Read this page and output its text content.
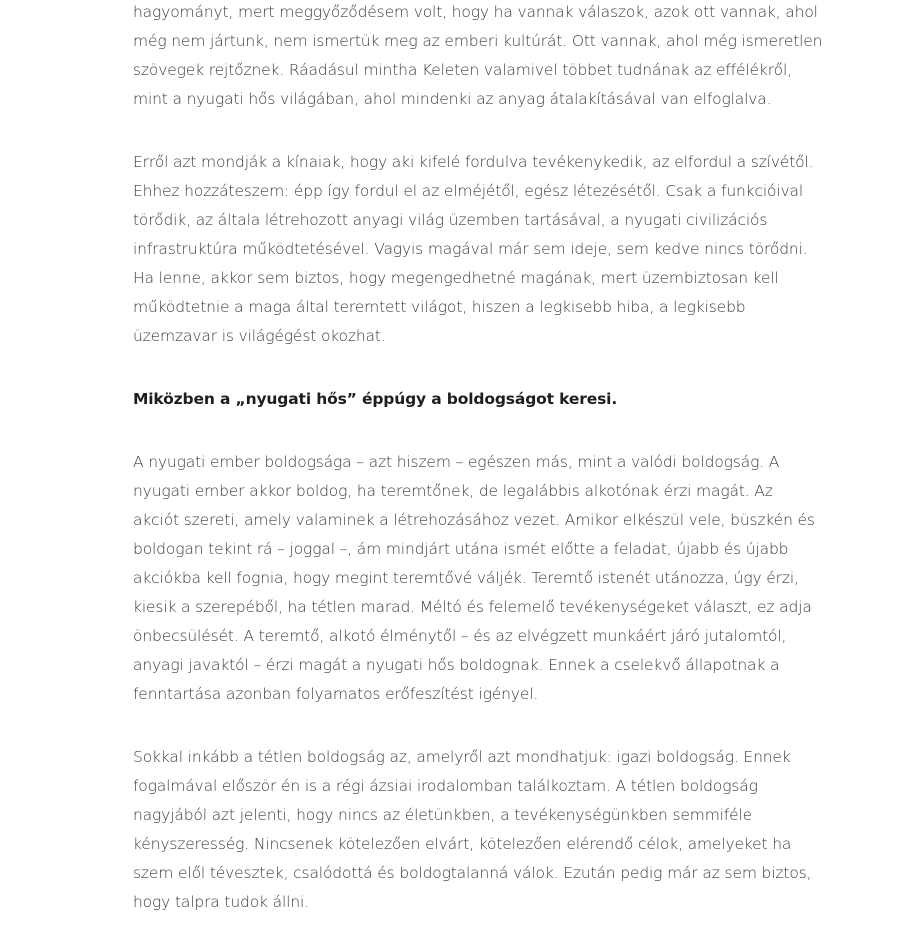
hagyományt, mert meggyőződésem volt, hogy ha vannak válaszok, azok ott vannak, ahol még nem jártunk, nem ismertük meg az emberi kultúrát. Ott vannak, ahol még ismeretlen szövegek rejtőznek. Ráadásul mintha Keleten valamivel többet tudnának az effélékről, mint a nyugati hős világában, ahol mindenki az anyag átalakításával van elfoglalva.

Erről azt mondják a kínaiak, hogy aki kifelé fordulva tevékenykedik, az elfordul a szívétől. Ehhez hozzáteszem: épp így fordul el az elméjétől, egész létezésétől. Csak a funkcióival törődik, az általa létrehozott anyagi világ üzemben tartásával, a nyugati civilizációs infrastruktúra működtetésével. Vagyis magával már sem ideje, sem kedve nincs törődni. Ha lenne, akkor sem biztos, hogy megengedhetné magának, mert üzembiztosan kell működtetnie a maga által teremtett világot, hiszen a legkisebb hiba, a legkisebb üzemzavar is világégést okozhat.

Miközben a „nyugati hős” éppúgy a boldogságot keresi.

A nyugati ember boldogsága – azt hiszem – egészen más, mint a valódi boldogság. A nyugati ember akkor boldog, ha teremtőnek, de legalábbis alkotónak érzi magát. Az akciót szereti, amely valaminek a létrehozásához vezet. Amikor elkészül vele, büszkén és boldogan tekint rá – joggal –, ám mindjárt utána ismét előtte a feladat, újabb és újabb akciókba kell fognia, hogy megint teremtővé váljék. Teremtő istenét utánozza, úgy érzi, kiesik a szerepéből, ha tétlen marad. Méltó és felemelő tevékenységeket választ, ez adja önbecsülését. A teremtő, alkotó élménytől – és az elvégzett munkáért járó jutalomtól, anyagi javaktól – érzi magát a nyugati hős boldognak. Ennek a cselekvő állapotnak a fenntartása azonban folyamatos erőfeszítést igényel.

Sokkal inkább a tétlen boldogság az, amelyről azt mondhatjuk: igazi boldogság. Ennek fogalmával először én is a régi ázsiai irodalomban találkoztam. A tétlen boldogság nagyjából azt jelenti, hogy nincs az életünkben, a tevékenységünkben semmiféle kényszeresség. Nincsenek kötelezően elvárt, kötelezően elérendő célok, amelyeket ha szem elől tévesztek, csalódottá és boldogtalanná válok. Ezután pedig már az sem biztos, hogy talpra tudok állni.
